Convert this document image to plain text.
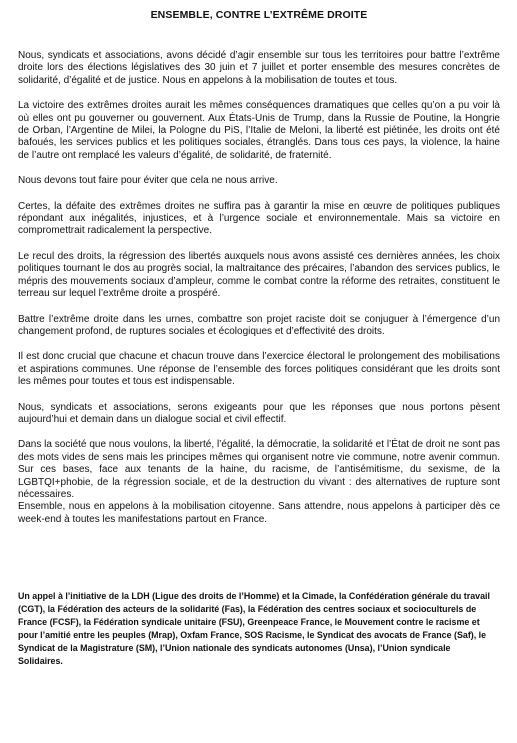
ENSEMBLE, CONTRE L’EXTRÊME DROITE

Nous, syndicats et associations, avons décidé d’agir ensemble sur tous les territoires pour battre l’extrême droite lors des élections législatives des 30 juin et 7 juillet et porter ensemble des mesures concrètes de solidarité, d’égalité et de justice. Nous en appelons à la mobilisation de toutes et tous.

La victoire des extrêmes droites aurait les mêmes conséquences dramatiques que celles qu’on a pu voir là où elles ont pu gouverner ou gouvernent. Aux États-Unis de Trump, dans la Russie de Poutine, la Hongrie de Orban, l’Argentine de Milei, la Pologne du PiS, l’Italie de Meloni, la liberté est piétinée, les droits ont été bafoués, les services publics et les politiques sociales, étranglés. Dans tous ces pays, la violence, la haine de l’autre ont remplacé les valeurs d’égalité, de solidarité, de fraternité.

Nous devons tout faire pour éviter que cela ne nous arrive.

Certes, la défaite des extrêmes droites ne suffira pas à garantir la mise en œuvre de politiques publiques répondant aux inégalités, injustices, et à l’urgence sociale et environnementale. Mais sa victoire en compromettrait radicalement la perspective.

Le recul des droits, la régression des libertés auxquels nous avons assisté ces dernières années, les choix politiques tournant le dos au progrès social, la maltraitance des précaires, l’abandon des services publics, le mépris des mouvements sociaux d’ampleur, comme le combat contre la réforme des retraites, constituent le terreau sur lequel l’extrême droite a prospéré.

Battre l’extrême droite dans les urnes, combattre son projet raciste doit se conjuguer à l’émergence d’un changement profond, de ruptures sociales et écologiques et d’effectivité des droits.

Il est donc crucial que chacune et chacun trouve dans l’exercice électoral le prolongement des mobilisations et aspirations communes. Une réponse de l’ensemble des forces politiques considérant que les droits sont les mêmes pour toutes et tous est indispensable.

Nous, syndicats et associations, serons exigeants pour que les réponses que nous portons pèsent aujourd’hui et demain dans un dialogue social et civil effectif.

Dans la société que nous voulons, la liberté, l’égalité, la démocratie, la solidarité et l’État de droit ne sont pas des mots vides de sens mais les principes mêmes qui organisent notre vie commune, notre avenir commun. Sur ces bases, face aux tenants de la haine, du racisme, de l’antisémitisme, du sexisme, de la LGBTQI+phobie, de la régression sociale, et de la destruction du vivant : des alternatives de rupture sont nécessaires.

Ensemble, nous en appelons à la mobilisation citoyenne. Sans attendre, nous appelons à participer dès ce week-end à toutes les manifestations partout en France.

Un appel à l’initiative de la LDH (Ligue des droits de l’Homme) et la Cimade, la Confédération générale du travail (CGT), la Fédération des acteurs de la solidarité (Fas), la Fédération des centres sociaux et socioculturels de France (FCSF), la Fédération syndicale unitaire (FSU), Greenpeace France, le Mouvement contre le racisme et pour l’amitié entre les peuples (Mrap), Oxfam France, SOS Racisme, le Syndicat des avocats de France (Saf), le Syndicat de la Magistrature (SM), l’Union nationale des syndicats autonomes (Unsa), l’Union syndicale Solidaires.
